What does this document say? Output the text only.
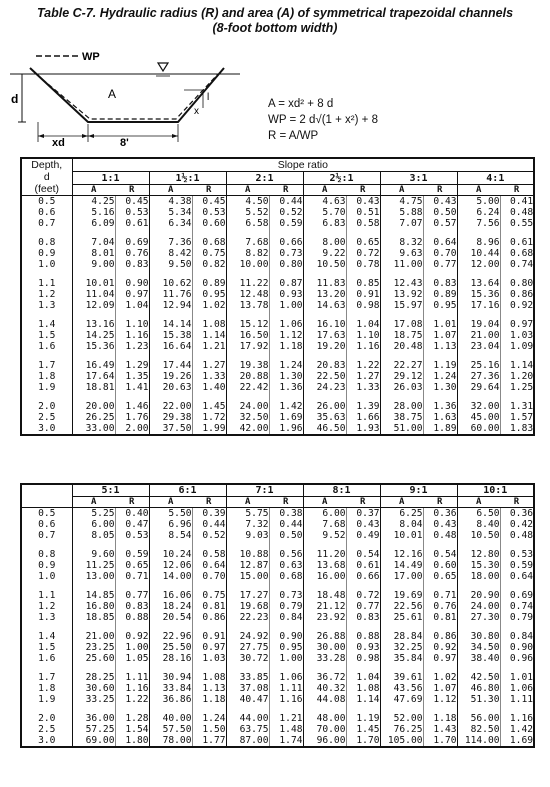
Table C-7. Hydraulic radius (R) and area (A) of symmetrical trapezoidal channels
(8-foot bottom width)
WP
A
d
x
l
xd	8'
A = xd² + 8 d
WP = 2 d√(1 + x²) + 8
R = A/WP
Depth,
d
(feet)	Slope ratio											
	1:1		1½:1		2:1		2½:1		3:1		4:1	
	A	R	A	R	A	R	A	R	A	R	A	R
0.5	4.25	0.45	4.38	0.45	4.50	0.44	4.63	0.43	4.75	0.43	5.00	0.41
0.6	5.16	0.53	5.34	0.53	5.52	0.52	5.70	0.51	5.88	0.50	6.24	0.48
0.7	6.09	0.61	6.34	0.60	6.58	0.59	6.83	0.58	7.07	0.57	7.56	0.55

0.8	7.04	0.69	7.36	0.68	7.68	0.66	8.00	0.65	8.32	0.64	8.96	0.61
0.9	8.01	0.76	8.42	0.75	8.82	0.73	9.22	0.72	9.63	0.70	10.44	0.68
1.0	9.00	0.83	9.50	0.82	10.00	0.80	10.50	0.78	11.00	0.77	12.00	0.74

1.1	10.01	0.90	10.62	0.89	11.22	0.87	11.83	0.85	12.43	0.83	13.64	0.80
1.2	11.04	0.97	11.76	0.95	12.48	0.93	13.20	0.91	13.92	0.89	15.36	0.86
1.3	12.09	1.04	12.94	1.02	13.78	1.00	14.63	0.98	15.97	0.95	17.16	0.92

1.4	13.16	1.10	14.14	1.08	15.12	1.06	16.10	1.04	17.08	1.01	19.04	0.97
1.5	14.25	1.16	15.38	1.14	16.50	1.12	17.63	1.10	18.75	1.07	21.00	1.03
1.6	15.36	1.23	16.64	1.21	17.92	1.18	19.20	1.16	20.48	1.13	23.04	1.09

1.7	16.49	1.29	17.44	1.27	19.38	1.24	20.83	1.22	22.27	1.19	25.16	1.14
1.8	17.64	1.35	19.26	1.33	20.88	1.30	22.50	1.27	29.12	1.24	27.36	1.20
1.9	18.81	1.41	20.63	1.40	22.42	1.36	24.23	1.33	26.03	1.30	29.64	1.25

2.0	20.00	1.46	22.00	1.45	24.00	1.42	26.00	1.39	28.00	1.36	32.00	1.31
2.5	26.25	1.76	29.38	1.72	32.50	1.69	35.63	1.66	38.75	1.63	45.00	1.57
3.0	33.00	2.00	37.50	1.99	42.00	1.96	46.50	1.93	51.00	1.89	60.00	1.83
	5:1		6:1		7:1		8:1		9:1		10:1	
	A	R	A	R	A	R	A	R	A	R	A	R
0.5	5.25	0.40	5.50	0.39	5.75	0.38	6.00	0.37	6.25	0.36	6.50	0.36
0.6	6.00	0.47	6.96	0.44	7.32	0.44	7.68	0.43	8.04	0.43	8.40	0.42
0.7	8.05	0.53	8.54	0.52	9.03	0.50	9.52	0.49	10.01	0.48	10.50	0.48

0.8	9.60	0.59	10.24	0.58	10.88	0.56	11.20	0.54	12.16	0.54	12.80	0.53
0.9	11.25	0.65	12.06	0.64	12.87	0.63	13.68	0.61	14.49	0.60	15.30	0.59
1.0	13.00	0.71	14.00	0.70	15.00	0.68	16.00	0.66	17.00	0.65	18.00	0.64

1.1	14.85	0.77	16.06	0.75	17.27	0.73	18.48	0.72	19.69	0.71	20.90	0.69
1.2	16.80	0.83	18.24	0.81	19.68	0.79	21.12	0.77	22.56	0.76	24.00	0.74
1.3	18.85	0.88	20.54	0.86	22.23	0.84	23.92	0.83	25.61	0.81	27.30	0.79

1.4	21.00	0.92	22.96	0.91	24.92	0.90	26.88	0.88	28.84	0.86	30.80	0.84
1.5	23.25	1.00	25.50	0.97	27.75	0.95	30.00	0.93	32.25	0.92	34.50	0.90
1.6	25.60	1.05	28.16	1.03	30.72	1.00	33.28	0.98	35.84	0.97	38.40	0.96

1.7	28.25	1.11	30.94	1.08	33.85	1.06	36.72	1.04	39.61	1.02	42.50	1.01
1.8	30.60	1.16	33.84	1.13	37.08	1.11	40.32	1.08	43.56	1.07	46.80	1.06
1.9	33.25	1.22	36.86	1.18	40.47	1.16	44.08	1.14	47.69	1.12	51.30	1.11

2.0	36.00	1.28	40.00	1.24	44.00	1.21	48.00	1.19	52.00	1.18	56.00	1.16
2.5	57.25	1.54	57.50	1.50	63.75	1.48	70.00	1.45	76.25	1.43	82.50	1.42
3.0	69.00	1.80	78.00	1.77	87.00	1.74	96.00	1.70	105.00	1.70	114.00	1.69
